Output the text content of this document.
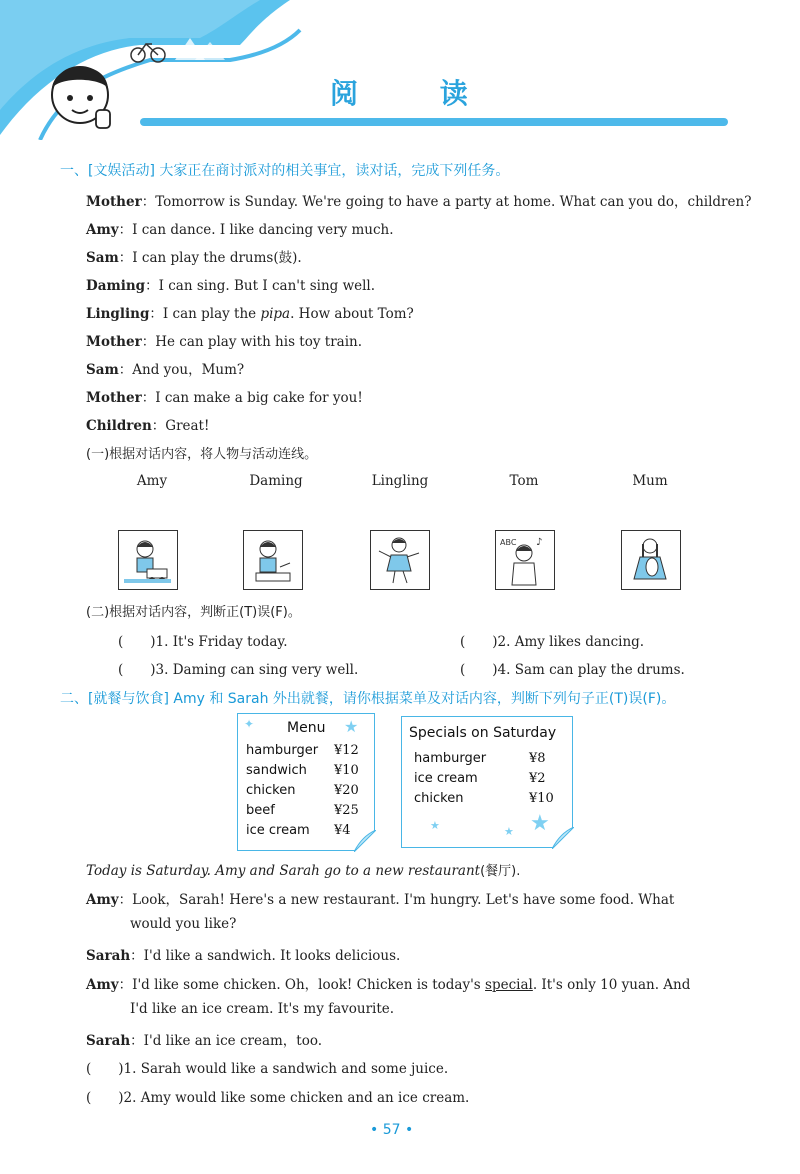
阅 读
一、[文娱活动] 大家正在商讨派对的相关事宜，读对话，完成下列任务。
Mother：Tomorrow is Sunday. We're going to have a party at home. What can you do，children?
Amy：I can dance. I like dancing very much.
Sam：I can play the drums(鼓).
Daming：I can sing. But I can't sing well.
Lingling：I can play the pipa. How about Tom?
Mother：He can play with his toy train.
Sam：And you，Mum?
Mother：I can make a big cake for you!
Children：Great!
(一)根据对话内容，将人物与活动连线。
Amy	Daming	Lingling	Tom	Mum
ABC ♪
(二)根据对话内容，判断正(T)误(F)。
(　　)1. It's Friday today.	(　　)2. Amy likes dancing.
(　　)3. Daming can sing very well.	(　　)4. Sam can play the drums.
二、[就餐与饮食] Amy 和 Sarah 外出就餐，请你根据菜单及对话内容，判断下列句子正(T)误(F)。
✦	★
Menu
hamburger ¥12
sandwich ¥10
chicken	¥20
beef	¥25
ice cream ¥4
Specials on Saturday
hamburger	¥8
ice cream	¥2
chicken	¥10
★	★ ★
Today is Saturday. Amy and Sarah go to a new restaurant(餐厅).
Amy：Look，Sarah! Here's a new restaurant. I'm hungry. Let's have some food. What
would you like?
Sarah：I'd like a sandwich. It looks delicious.
Amy：I'd like some chicken. Oh，look! Chicken is today's special. It's only 10 yuan. And
I'd like an ice cream. It's my favourite.
Sarah：I'd like an ice cream，too.
(　　)1. Sarah would like a sandwich and some juice.
(　　)2. Amy would like some chicken and an ice cream.
• 57 •
